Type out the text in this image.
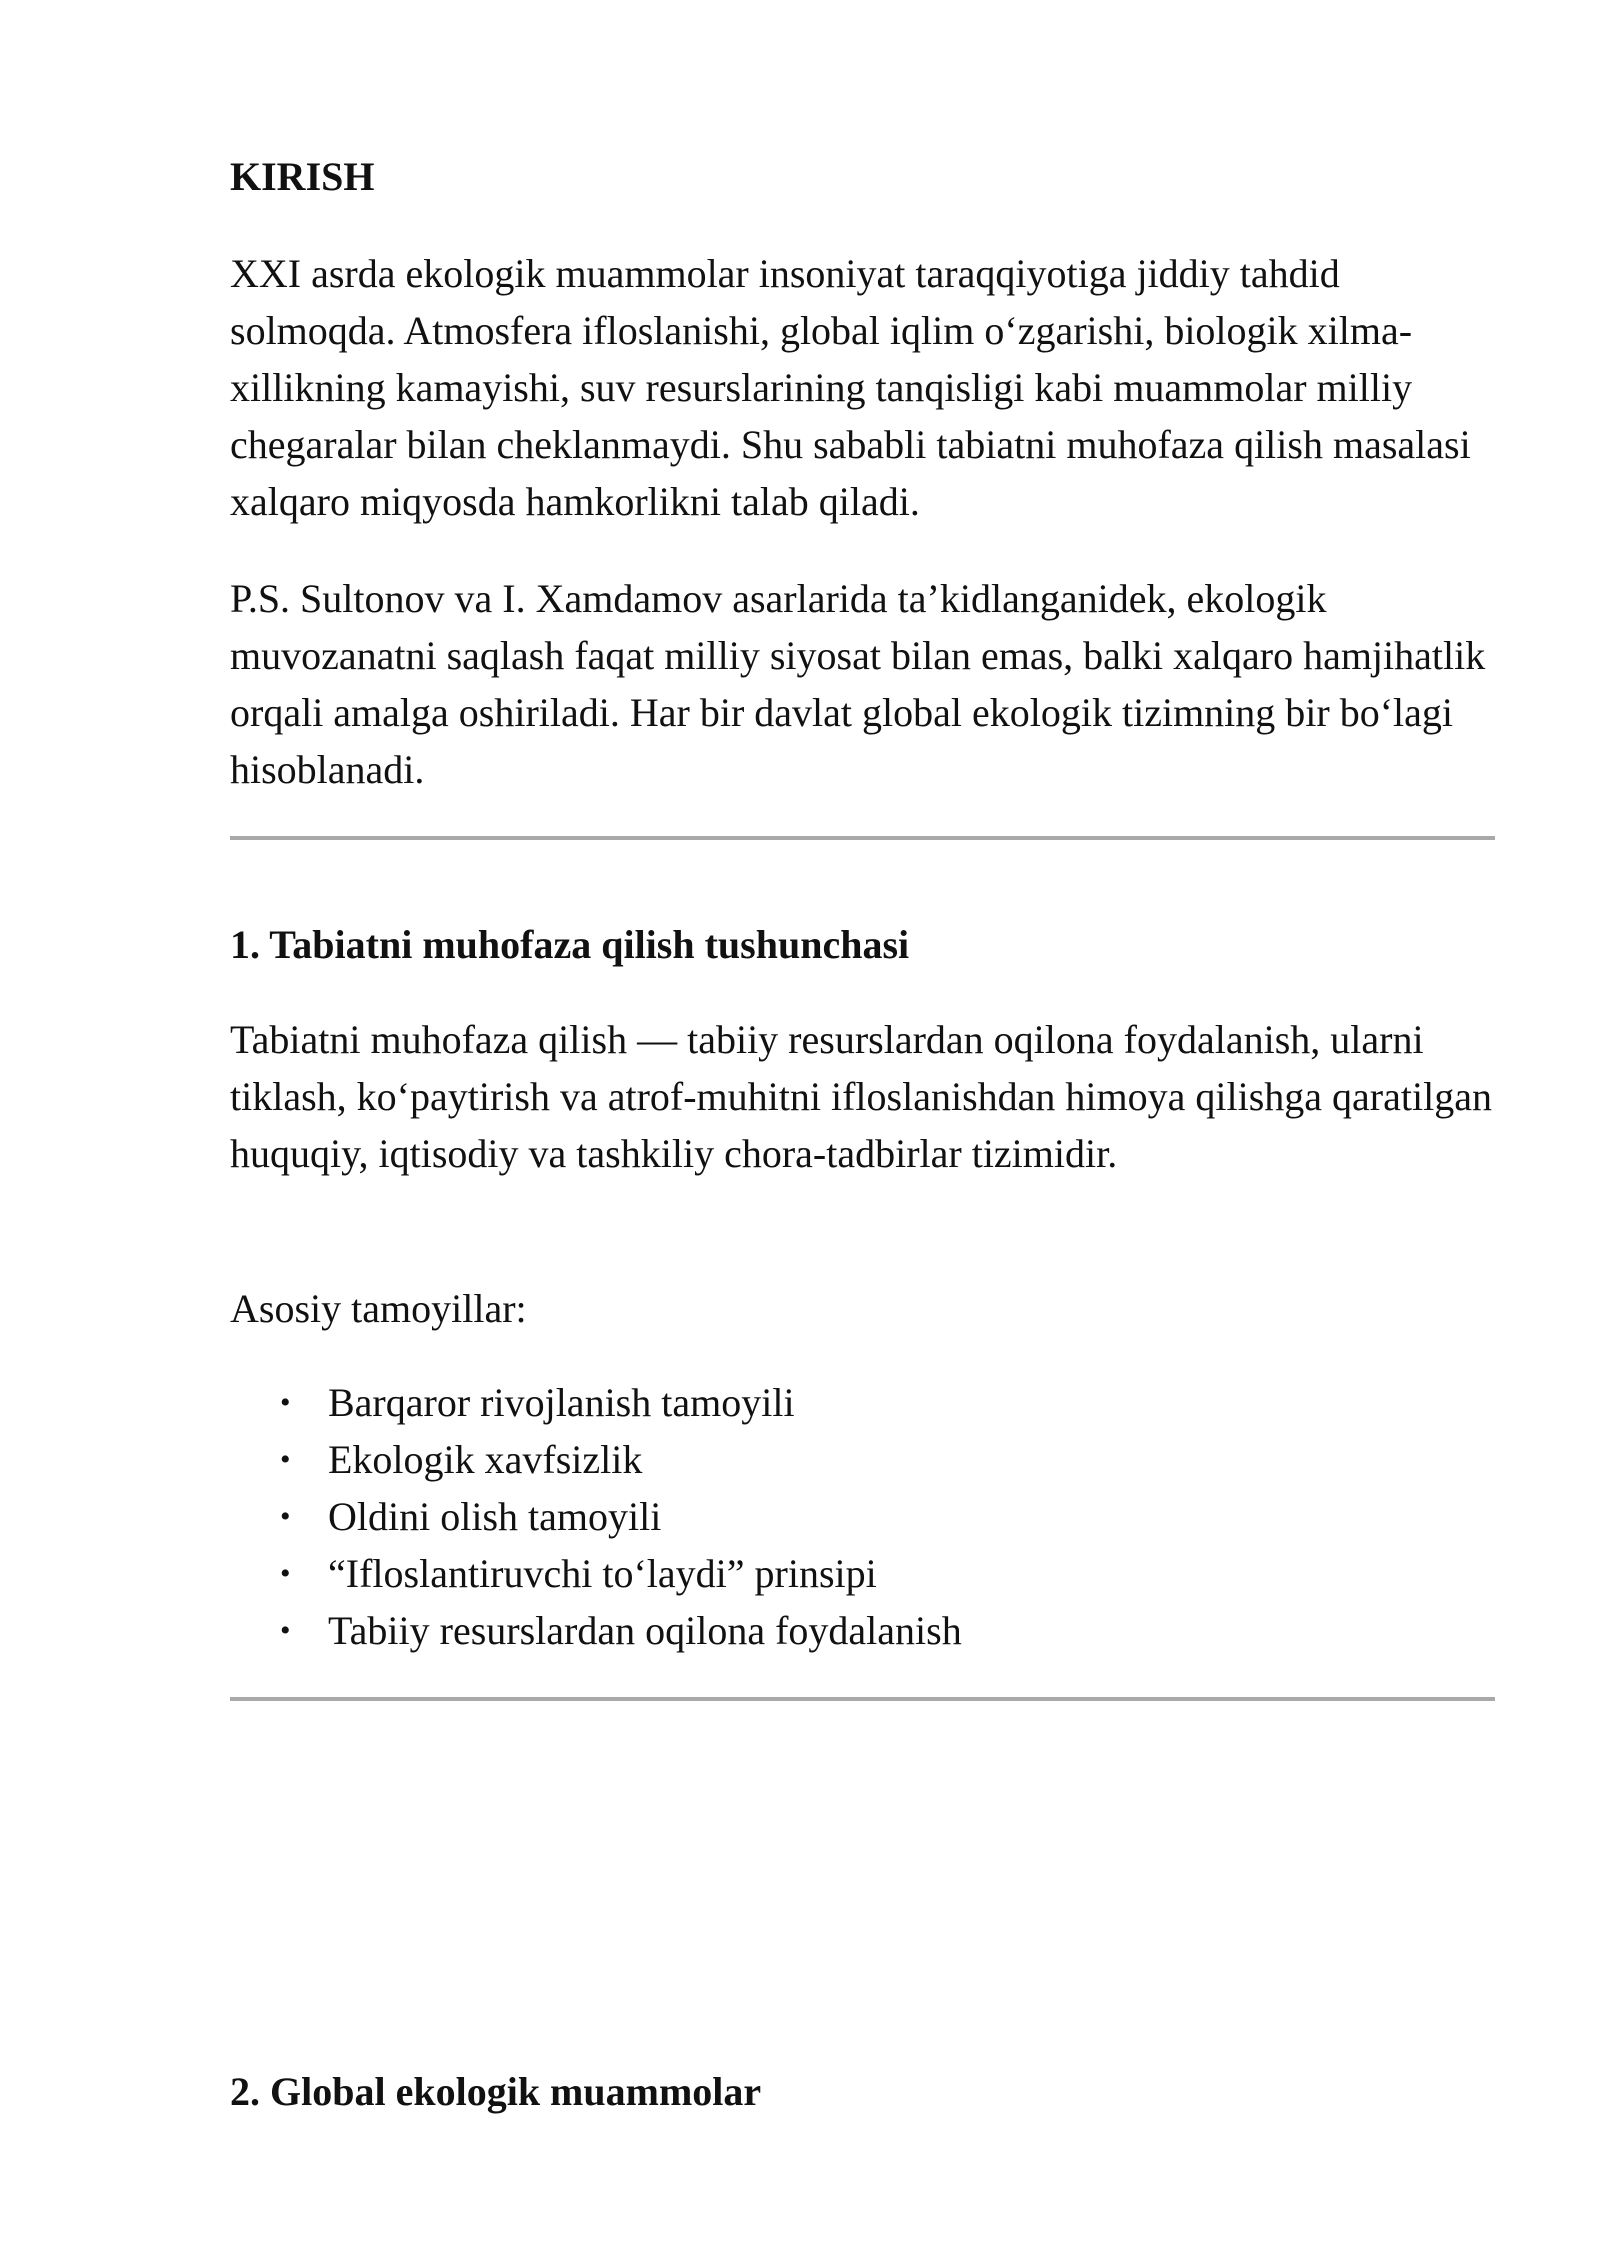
KIRISH

XXI asrda ekologik muammolar insoniyat taraqqiyotiga jiddiy tahdid solmoqda. Atmosfera ifloslanishi, global iqlim o‘zgarishi, biologik xilma-xillikning kamayishi, suv resurslarining tanqisligi kabi muammolar milliy chegaralar bilan cheklanmaydi. Shu sababli tabiatni muhofaza qilish masalasi xalqaro miqyosda hamkorlikni talab qiladi.

P.S. Sultonov va I. Xamdamov asarlarida ta’kidlanganidek, ekologik muvozanatni saqlash faqat milliy siyosat bilan emas, balki xalqaro hamjihatlik orqali amalga oshiriladi. Har bir davlat global ekologik tizimning bir bo‘lagi hisoblanadi.

1. Tabiatni muhofaza qilish tushunchasi

Tabiatni muhofaza qilish — tabiiy resurslardan oqilona foydalanish, ularni tiklash, ko‘paytirish va atrof-muhitni ifloslanishdan himoya qilishga qaratilgan huquqiy, iqtisodiy va tashkiliy chora-tadbirlar tizimidir.

Asosiy tamoyillar:

• Barqaror rivojlanish tamoyili
• Ekologik xavfsizlik
• Oldini olish tamoyili
• “Ifloslantiruvchi to‘laydi” prinsipi
• Tabiiy resurslardan oqilona foydalanish
2. Global ekologik muammolar
